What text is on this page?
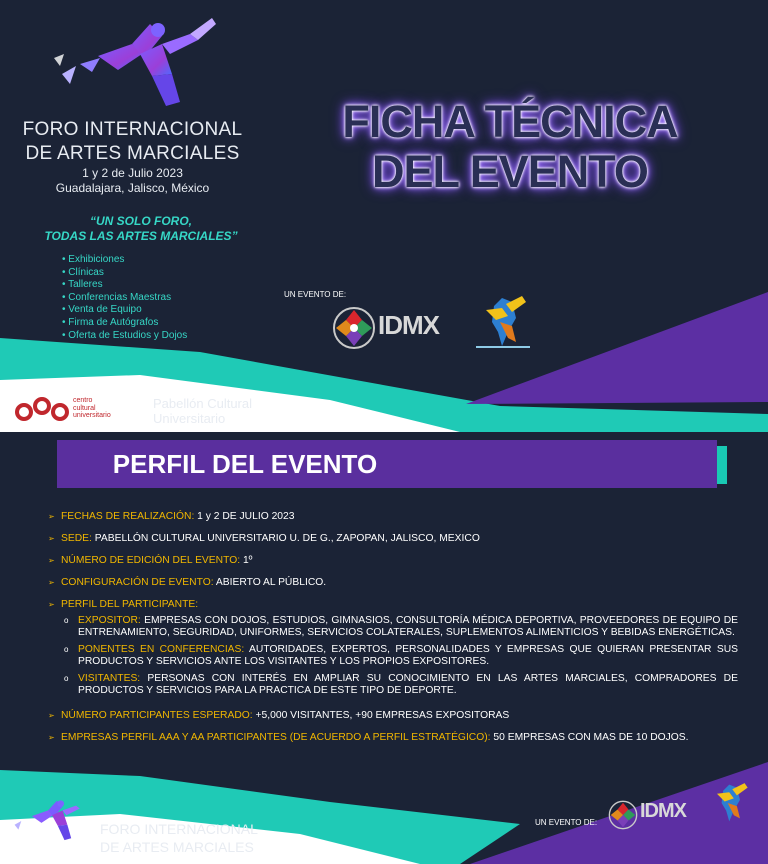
FORO INTERNACIONAL
DE ARTES MARCIALES
1 y 2 de Julio 2023
Guadalajara, Jalisco, México
“UN SOLO FORO,
TODAS LAS ARTES MARCIALES”
• Exhibiciones
• Clínicas
• Talleres
• Conferencias Maestras
• Venta de Equipo
• Firma de Autógrafos
• Oferta de Estudios y Dojos
FICHA TÉCNICA
DEL EVENTO
UN EVENTO DE:
IDMX
centro
cultural
universitario
Pabellón Cultural
Universitario
PERFIL DEL EVENTO
➢ FECHAS DE REALIZACIÓN: 1 y 2 DE JULIO 2023
➢ SEDE: PABELLÓN CULTURAL UNIVERSITARIO U. DE G., ZAPOPAN, JALISCO, MEXICO
➢ NÚMERO DE EDICIÓN DEL EVENTO: 1º
➢ CONFIGURACIÓN DE EVENTO: ABIERTO AL PÚBLICO.
➢ PERFIL DEL PARTICIPANTE:
o EXPOSITOR: EMPRESAS CON DOJOS, ESTUDIOS, GIMNASIOS, CONSULTORÍA MÉDICA DEPORTIVA, PROVEEDORES DE EQUIPO DE ENTRENAMIENTO, SEGURIDAD, UNIFORMES, SERVICIOS COLATERALES, SUPLEMENTOS ALIMENTICIOS Y BEBIDAS ENERGÉTICAS.
o PONENTES EN CONFERENCIAS: AUTORIDADES, EXPERTOS, PERSONALIDADES Y EMPRESAS QUE QUIERAN PRESENTAR SUS PRODUCTOS Y SERVICIOS ANTE LOS VISITANTES Y LOS PROPIOS EXPOSITORES.
o VISITANTES: PERSONAS CON INTERÉS EN AMPLIAR SU CONOCIMIENTO EN LAS ARTES MARCIALES, COMPRADORES DE PRODUCTOS Y SERVICIOS PARA LA PRACTICA DE ESTE TIPO DE DEPORTE.
➢ NÚMERO PARTICIPANTES ESPERADO: +5,000 VISITANTES, +90 EMPRESAS EXPOSITORAS
➢ EMPRESAS PERFIL AAA Y AA PARTICIPANTES (DE ACUERDO A PERFIL ESTRATÉGICO): 50 EMPRESAS CON MAS DE 10 DOJOS.
FORO INTERNACIONAL
DE ARTES MARCIALES
UN EVENTO DE:
IDMX
